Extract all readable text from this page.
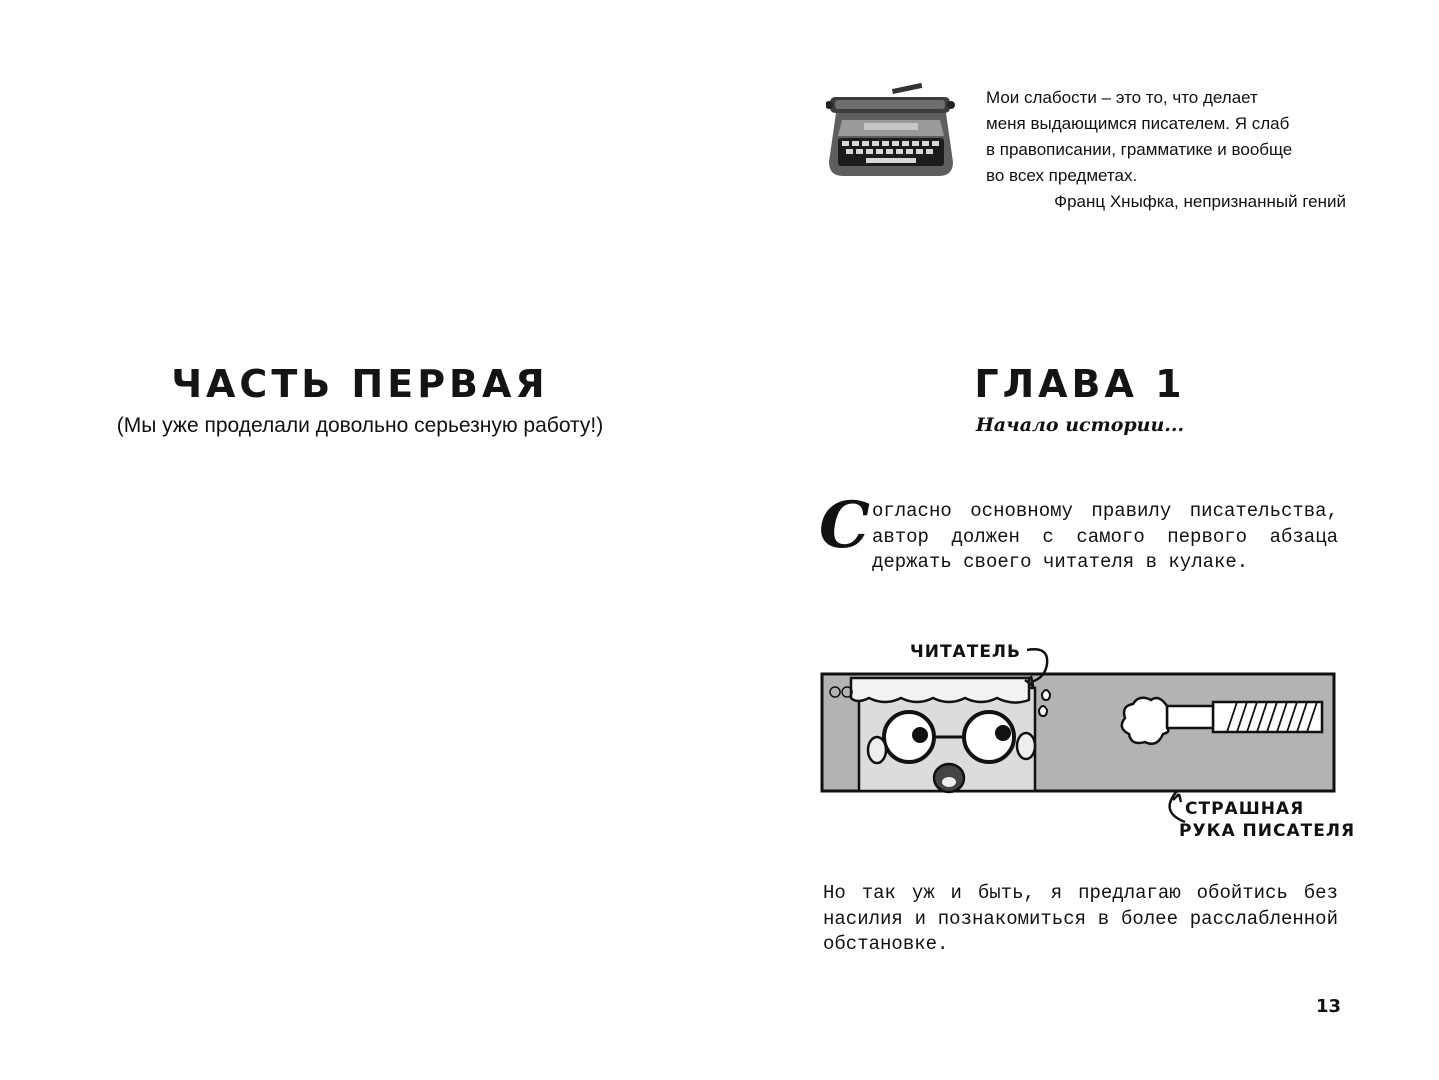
ЧАСТЬ ПЕРВАЯ

(Мы уже проделали довольно серьезную работу!)

Мои слабости – это то, что делает

меня выдающимся писателем. Я слаб

в правописании, грамматике и вообще

во всех предметах.

Франц Хныфка, непризнанный гений

ГЛАВА 1

Начало истории...

Согласно основному правилу писательства, автор должен с самого первого абзаца держать своего читателя в кулаке.

ЧИТАТЕЛЬ
СТРАШНАЯ
РУКА ПИСАТЕЛЯ

Но так уж и быть, я предлагаю обойтись без насилия и познакомиться в более расслабленной обстановке.

13
